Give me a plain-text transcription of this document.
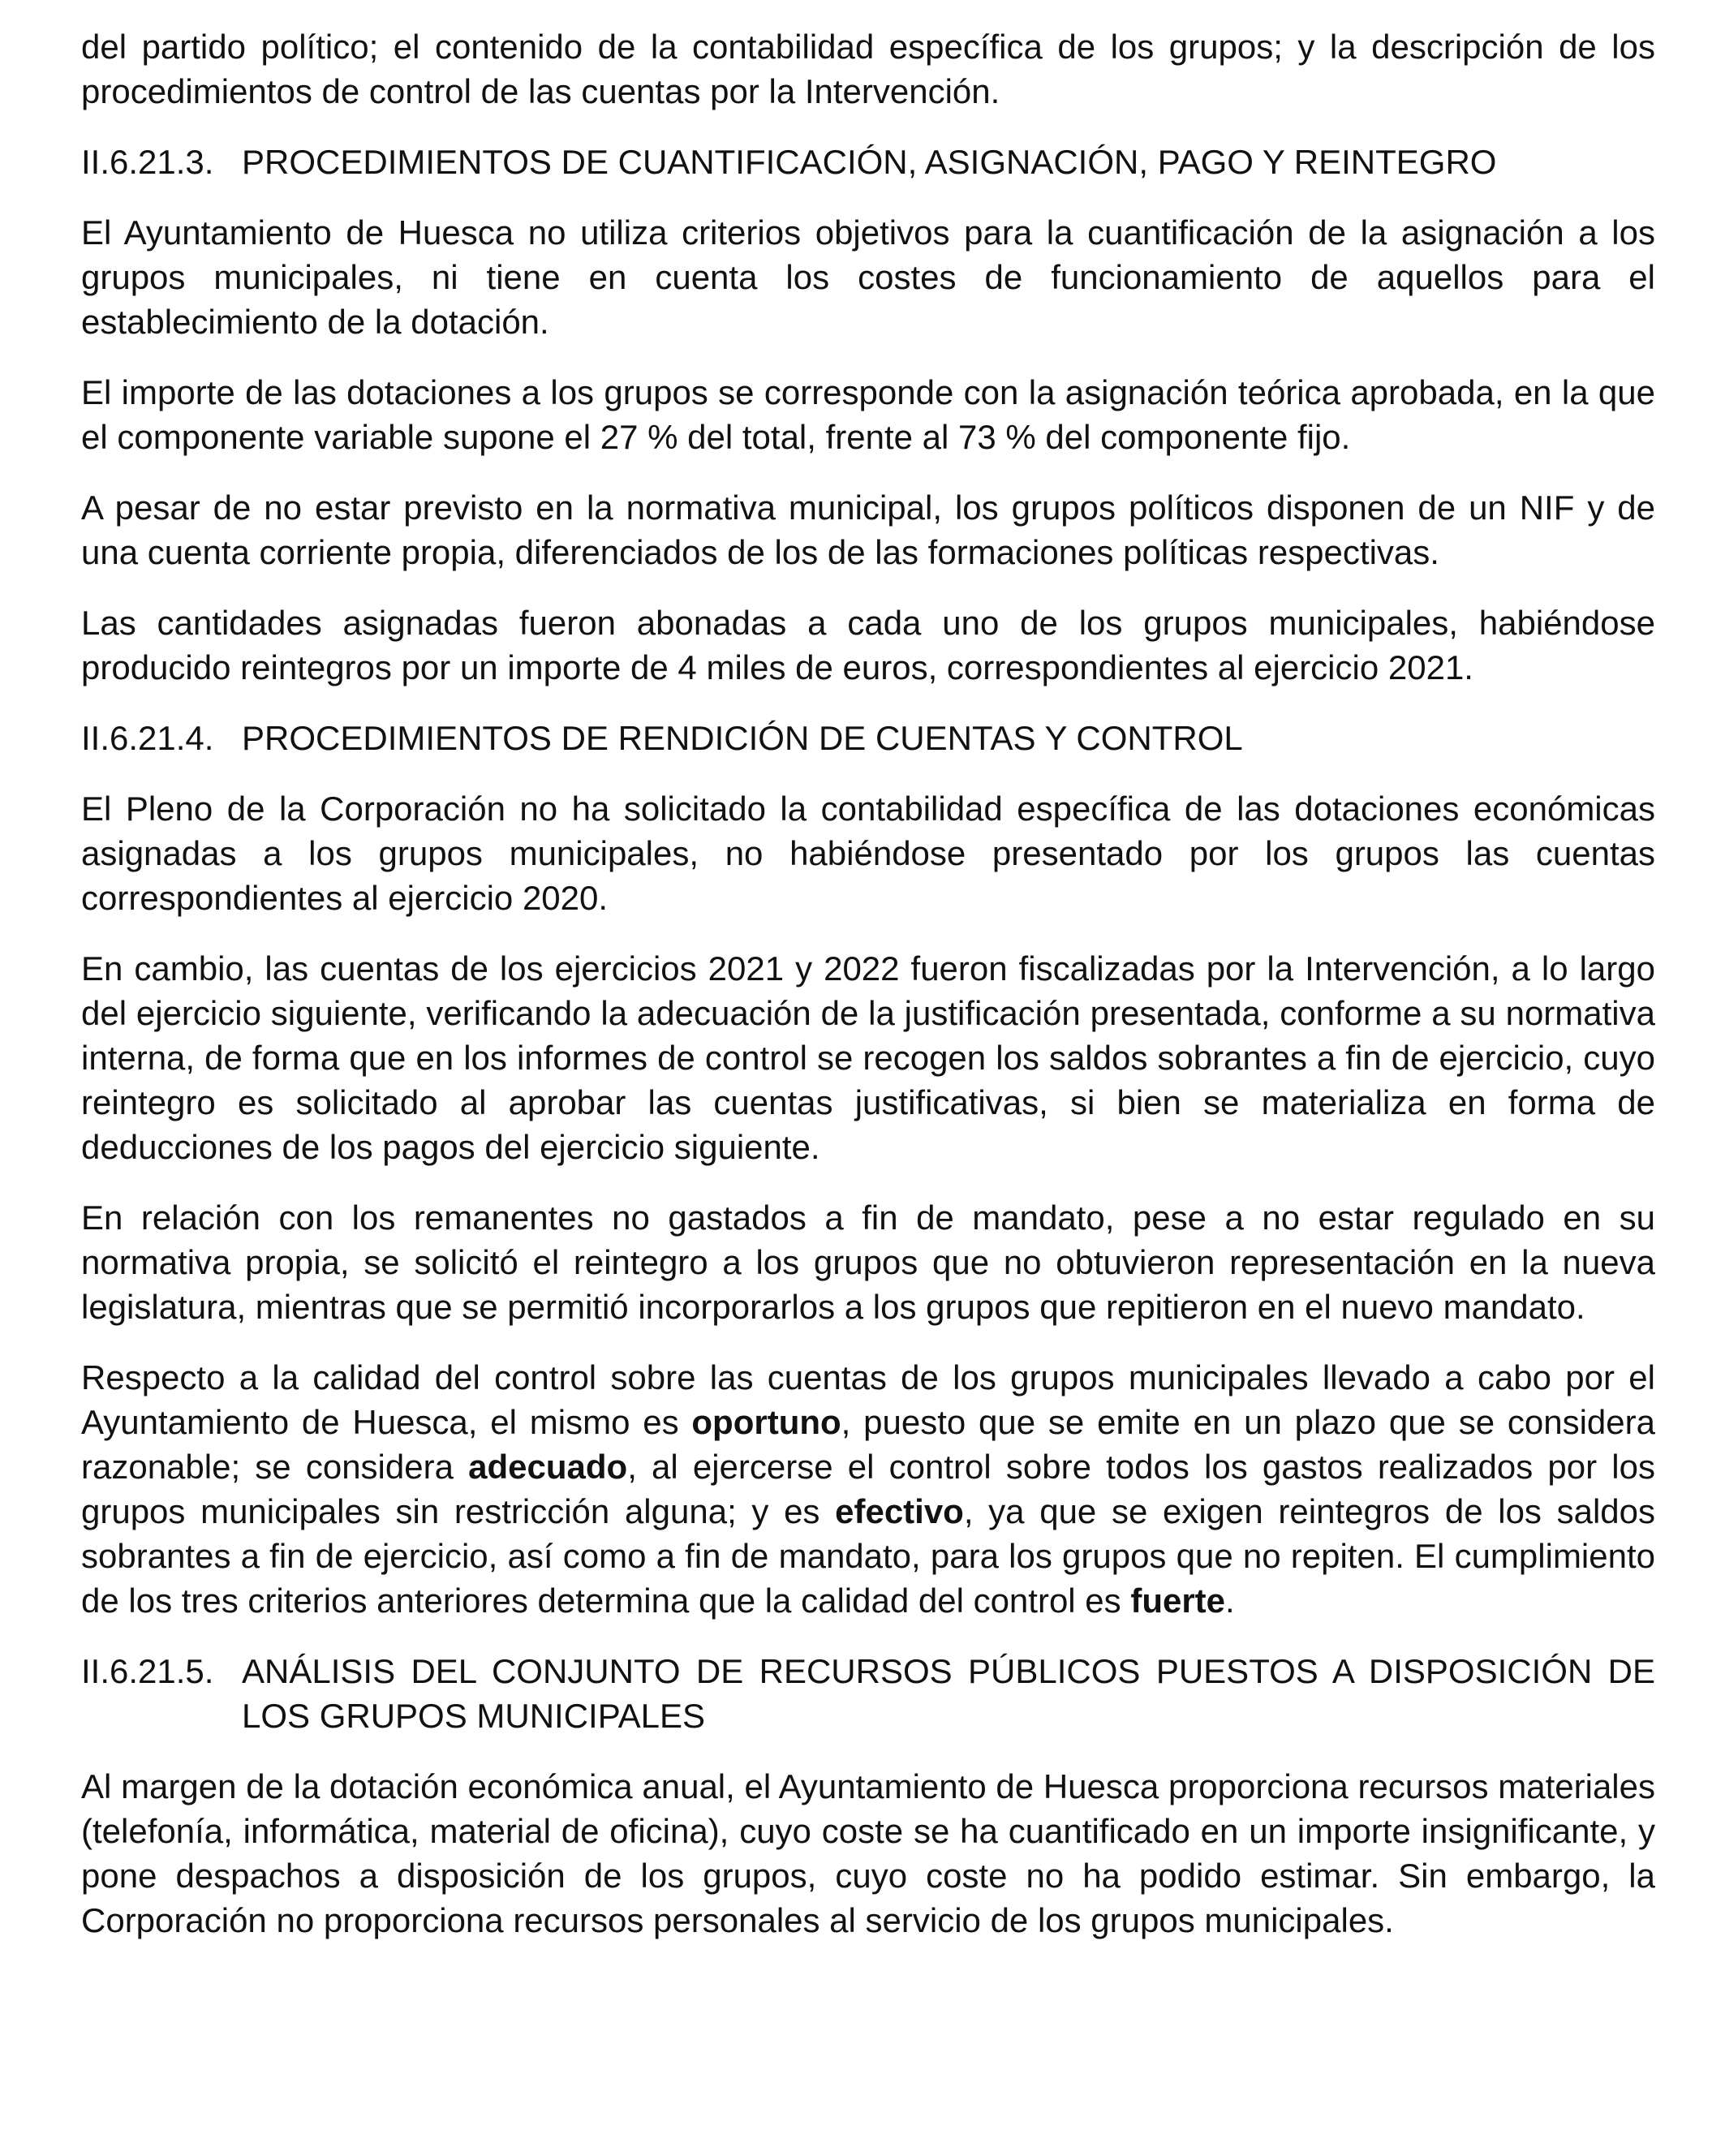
del partido político; el contenido de la contabilidad específica de los grupos; y la descripción de los procedimientos de control de las cuentas por la Intervención.

II.6.21.3. PROCEDIMIENTOS DE CUANTIFICACIÓN, ASIGNACIÓN, PAGO Y REINTEGRO

El Ayuntamiento de Huesca no utiliza criterios objetivos para la cuantificación de la asignación a los grupos municipales, ni tiene en cuenta los costes de funcionamiento de aquellos para el establecimiento de la dotación.

El importe de las dotaciones a los grupos se corresponde con la asignación teórica aprobada, en la que el componente variable supone el 27 % del total, frente al 73 % del componente fijo.

A pesar de no estar previsto en la normativa municipal, los grupos políticos disponen de un NIF y de una cuenta corriente propia, diferenciados de los de las formaciones políticas respectivas.

Las cantidades asignadas fueron abonadas a cada uno de los grupos municipales, habiéndose producido reintegros por un importe de 4 miles de euros, correspondientes al ejercicio 2021.

II.6.21.4. PROCEDIMIENTOS DE RENDICIÓN DE CUENTAS Y CONTROL

El Pleno de la Corporación no ha solicitado la contabilidad específica de las dotaciones económicas asignadas a los grupos municipales, no habiéndose presentado por los grupos las cuentas correspondientes al ejercicio 2020.

En cambio, las cuentas de los ejercicios 2021 y 2022 fueron fiscalizadas por la Intervención, a lo largo del ejercicio siguiente, verificando la adecuación de la justificación presentada, conforme a su normativa interna, de forma que en los informes de control se recogen los saldos sobrantes a fin de ejercicio, cuyo reintegro es solicitado al aprobar las cuentas justificativas, si bien se materializa en forma de deducciones de los pagos del ejercicio siguiente.

En relación con los remanentes no gastados a fin de mandato, pese a no estar regulado en su normativa propia, se solicitó el reintegro a los grupos que no obtuvieron representación en la nueva legislatura, mientras que se permitió incorporarlos a los grupos que repitieron en el nuevo mandato.

Respecto a la calidad del control sobre las cuentas de los grupos municipales llevado a cabo por el Ayuntamiento de Huesca, el mismo es oportuno, puesto que se emite en un plazo que se considera razonable; se considera adecuado, al ejercerse el control sobre todos los gastos realizados por los grupos municipales sin restricción alguna; y es efectivo, ya que se exigen reintegros de los saldos sobrantes a fin de ejercicio, así como a fin de mandato, para los grupos que no repiten. El cumplimiento de los tres criterios anteriores determina que la calidad del control es fuerte.

II.6.21.5. ANÁLISIS DEL CONJUNTO DE RECURSOS PÚBLICOS PUESTOS A DISPOSICIÓN DE LOS GRUPOS MUNICIPALES

Al margen de la dotación económica anual, el Ayuntamiento de Huesca proporciona recursos materiales (telefonía, informática, material de oficina), cuyo coste se ha cuantificado en un importe insignificante, y pone despachos a disposición de los grupos, cuyo coste no ha podido estimar. Sin embargo, la Corporación no proporciona recursos personales al servicio de los grupos municipales.
